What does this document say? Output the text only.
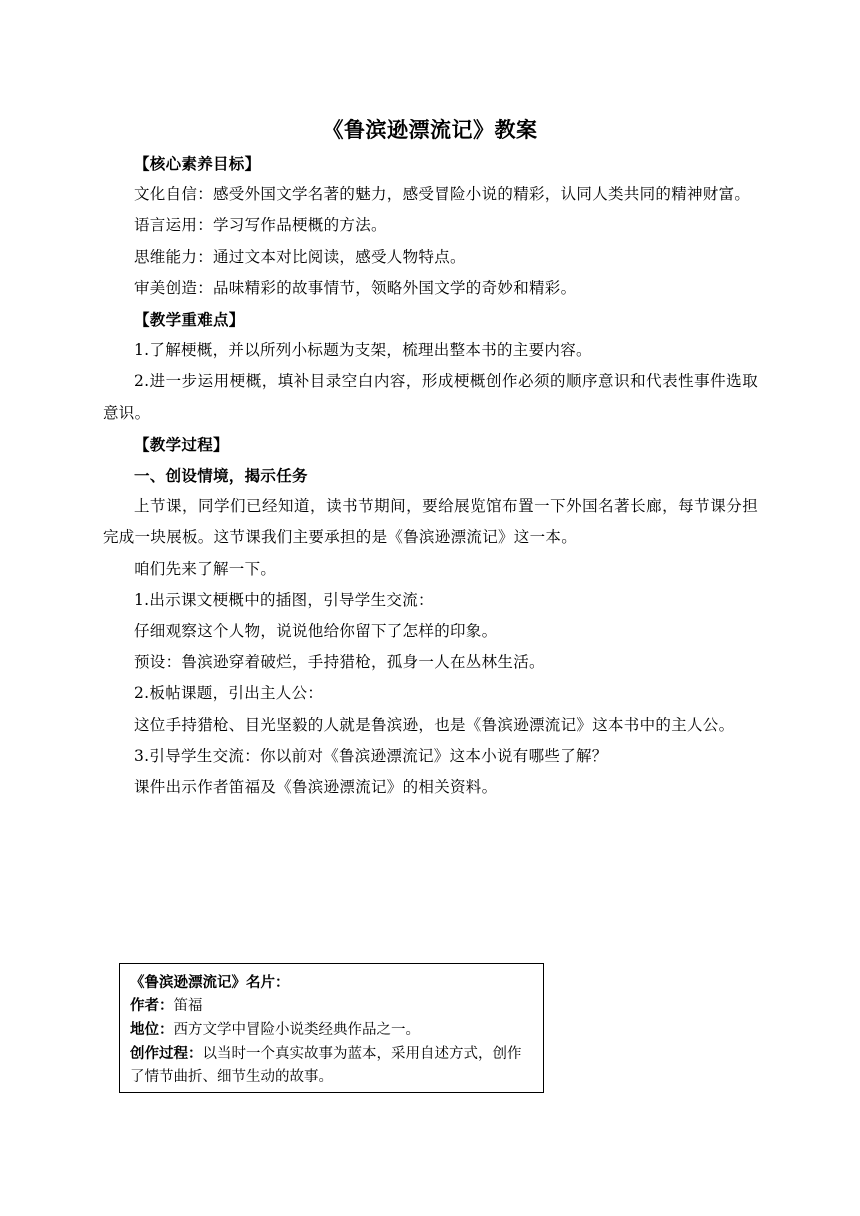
《鲁滨逊漂流记》教案

【核心素养目标】

文化自信：感受外国文学名著的魅力，感受冒险小说的精彩，认同人类共同的精神财富。

语言运用：学习写作品梗概的方法。

思维能力：通过文本对比阅读，感受人物特点。

审美创造：品味精彩的故事情节，领略外国文学的奇妙和精彩。

【教学重难点】

1.了解梗概，并以所列小标题为支架，梳理出整本书的主要内容。

2.进一步运用梗概，填补目录空白内容，形成梗概创作必须的顺序意识和代表性事件选取意识。

【教学过程】

一、创设情境，揭示任务

上节课，同学们已经知道，读书节期间，要给展览馆布置一下外国名著长廊，每节课分担完成一块展板。这节课我们主要承担的是《鲁滨逊漂流记》这一本。

咱们先来了解一下。

1.出示课文梗概中的插图，引导学生交流：

仔细观察这个人物，说说他给你留下了怎样的印象。

预设：鲁滨逊穿着破烂，手持猎枪，孤身一人在丛林生活。

2.板帖课题，引出主人公：

这位手持猎枪、目光坚毅的人就是鲁滨逊，也是《鲁滨逊漂流记》这本书中的主人公。

3.引导学生交流：你以前对《鲁滨逊漂流记》这本小说有哪些了解？

课件出示作者笛福及《鲁滨逊漂流记》的相关资料。

《鲁滨逊漂流记》名片：
作者：笛福
地位：西方文学中冒险小说类经典作品之一。
创作过程：以当时一个真实故事为蓝本，采用自述方式，创作了情节曲折、细节生动的故事。
